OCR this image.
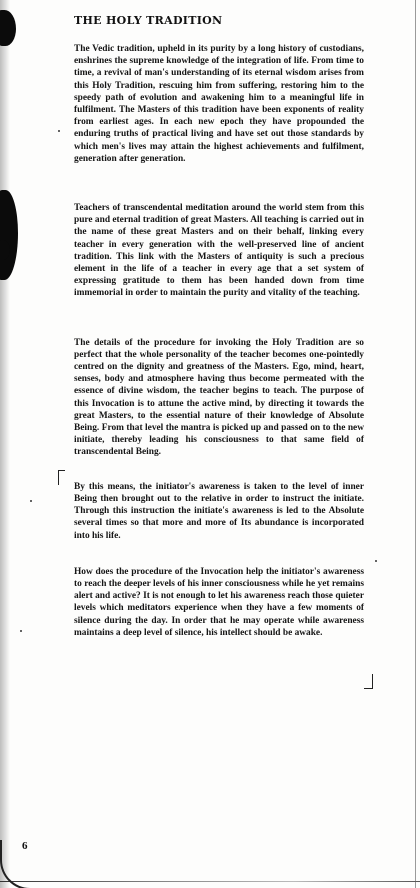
THE HOLY TRADITION

The Vedic tradition, upheld in its purity by a long history of custodians, enshrines the supreme knowledge of the integration of life. From time to time, a revival of man's understanding of its eternal wisdom arises from this Holy Tradition, rescuing him from suffering, restoring him to the speedy path of evolution and awakening him to a meaningful life in fulfilment. The Masters of this tradition have been exponents of reality from earliest ages. In each new epoch they have propounded the enduring truths of practical living and have set out those standards by which men's lives may attain the highest achievements and fulfilment, generation after generation.

Teachers of transcendental meditation around the world stem from this pure and eternal tradition of great Masters. All teaching is carried out in the name of these great Masters and on their behalf, linking every teacher in every generation with the well-preserved line of ancient tradition. This link with the Masters of antiquity is such a precious element in the life of a teacher in every age that a set system of expressing gratitude to them has been handed down from time immemorial in order to maintain the purity and vitality of the teaching.

The details of the procedure for invoking the Holy Tradition are so perfect that the whole personality of the teacher becomes one-pointedly centred on the dignity and greatness of the Masters. Ego, mind, heart, senses, body and atmosphere having thus become permeated with the essence of divine wisdom, the teacher begins to teach. The purpose of this Invocation is to attune the active mind, by directing it towards the great Masters, to the essential nature of their knowledge of Absolute Being. From that level the mantra is picked up and passed on to the new initiate, thereby leading his consciousness to that same field of transcendental Being.

By this means, the initiator's awareness is taken to the level of inner Being then brought out to the relative in order to instruct the initiate. Through this instruction the initiate's awareness is led to the Absolute several times so that more and more of Its abundance is incorporated into his life.

How does the procedure of the Invocation help the initiator's awareness to reach the deeper levels of his inner consciousness while he yet remains alert and active? It is not enough to let his awareness reach those quieter levels which meditators experience when they have a few moments of silence during the day. In order that he may operate while awareness maintains a deep level of silence, his intellect should be awake.

6
